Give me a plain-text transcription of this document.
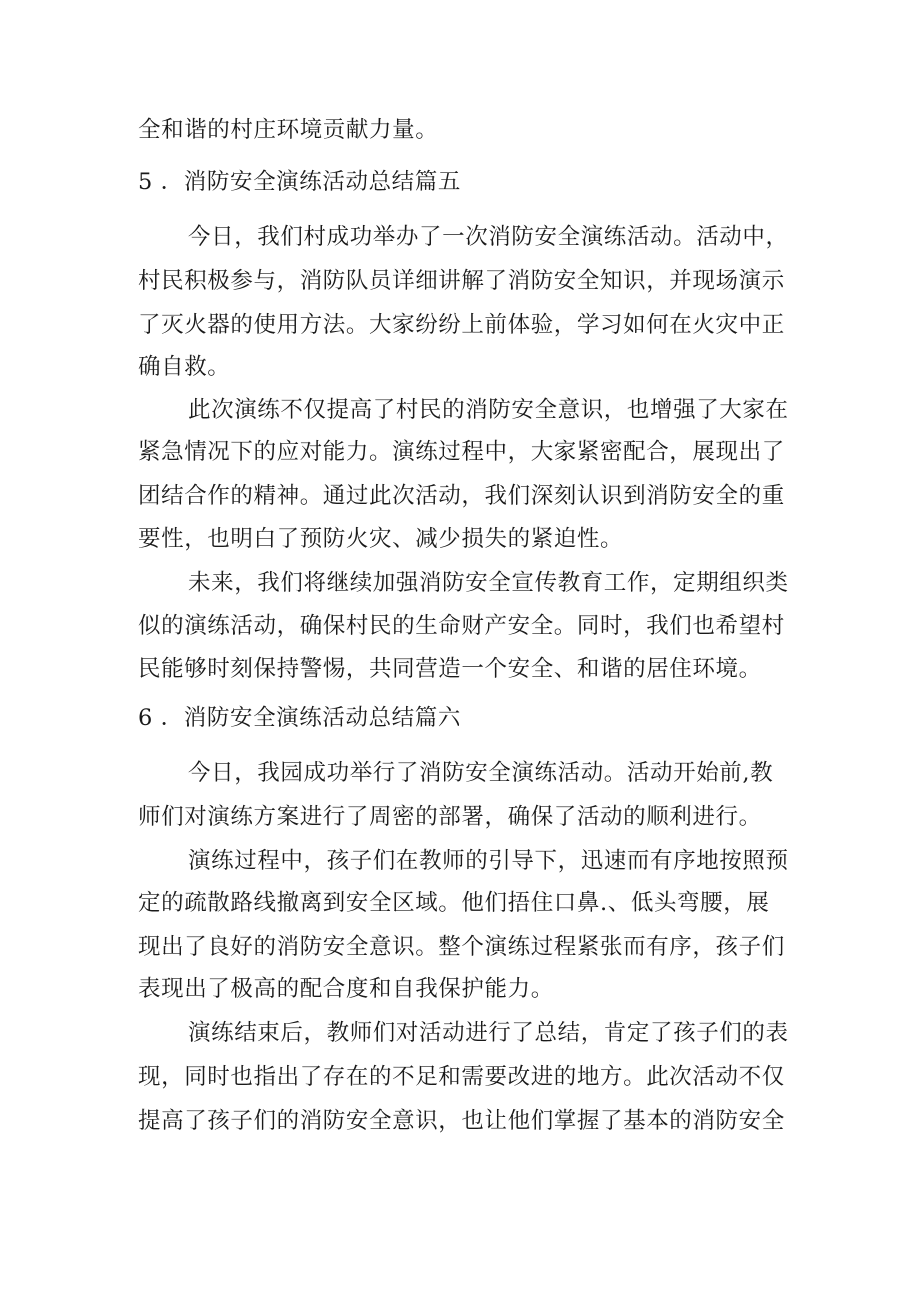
全和谐的村庄环境贡献力量。
5 ．消防安全演练活动总结篇五
今日，我们村成功举办了一次消防安全演练活动。活动中，
村民积极参与，消防队员详细讲解了消防安全知识，并现场演示
了灭火器的使用方法。大家纷纷上前体验，学习如何在火灾中正
确自救。
此次演练不仅提高了村民的消防安全意识，也增强了大家在
紧急情况下的应对能力。演练过程中，大家紧密配合，展现出了
团结合作的精神。通过此次活动，我们深刻认识到消防安全的重
要性，也明白了预防火灾、减少损失的紧迫性。
未来，我们将继续加强消防安全宣传教育工作，定期组织类
似的演练活动，确保村民的生命财产安全。同时，我们也希望村
民能够时刻保持警惕，共同营造一个安全、和谐的居住环境。
6 ．消防安全演练活动总结篇六
今日，我园成功举行了消防安全演练活动。活动开始前,教
师们对演练方案进行了周密的部署，确保了活动的顺利进行。
演练过程中，孩子们在教师的引导下，迅速而有序地按照预
定的疏散路线撤离到安全区域。他们捂住口鼻.、低头弯腰，展
现出了良好的消防安全意识。整个演练过程紧张而有序，孩子们
表现出了极高的配合度和自我保护能力。
演练结束后，教师们对活动进行了总结，肯定了孩子们的表
现，同时也指出了存在的不足和需要改进的地方。此次活动不仅
提高了孩子们的消防安全意识，也让他们掌握了基本的消防安全
